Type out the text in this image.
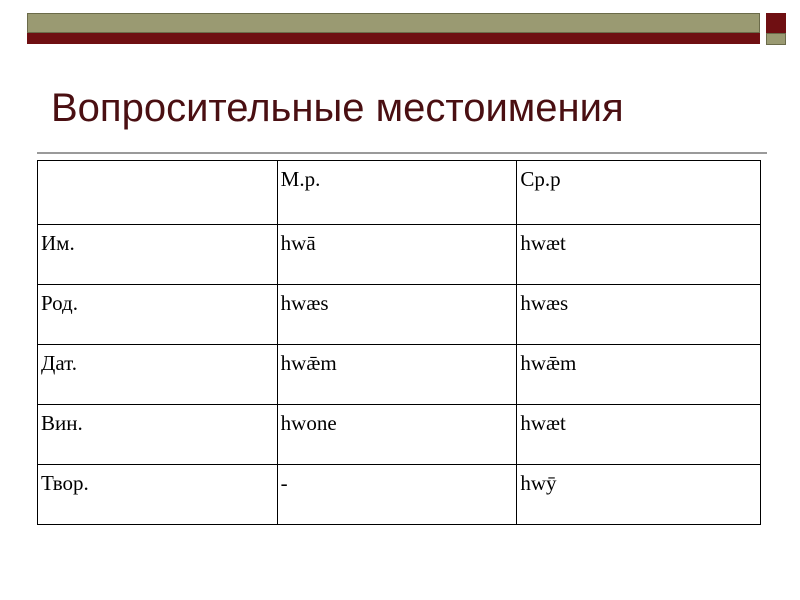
Вопросительные местоимения
	М.р.	Ср.р
Им.	hwā	hwæt
Род.	hwæs	hwæs
Дат.	hwǣm	hwǣm
Вин.	hwone	hwæt
Твор.	-	hwȳ
